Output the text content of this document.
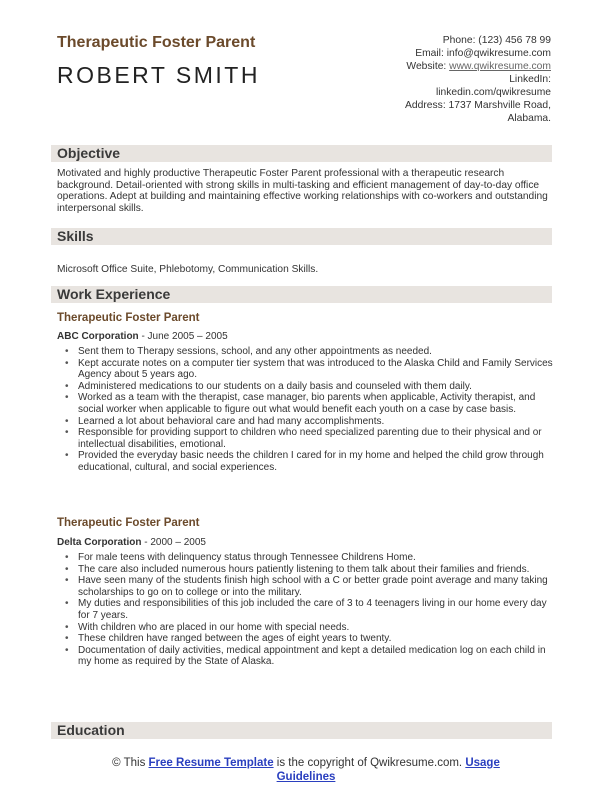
Therapeutic Foster Parent
ROBERT SMITH
Phone: (123) 456 78 99
Email: info@qwikresume.com
Website: www.qwikresume.com
LinkedIn:
linkedin.com/qwikresume
Address: 1737 Marshville Road,
Alabama.
Objective
Motivated and highly productive Therapeutic Foster Parent professional with a therapeutic research background. Detail-oriented with strong skills in multi-tasking and efficient management of day-to-day office operations. Adept at building and maintaining effective working relationships with co-workers and outstanding interpersonal skills.
Skills
Microsoft Office Suite, Phlebotomy, Communication Skills.
Work Experience
Therapeutic Foster Parent
ABC Corporation - June 2005 – 2005
• Sent them to Therapy sessions, school, and any other appointments as needed.
• Kept accurate notes on a computer tier system that was introduced to the Alaska Child and Family Services Agency about 5 years ago.
• Administered medications to our students on a daily basis and counseled with them daily.
• Worked as a team with the therapist, case manager, bio parents when applicable, Activity therapist, and social worker when applicable to figure out what would benefit each youth on a case by case basis.
• Learned a lot about behavioral care and had many accomplishments.
• Responsible for providing support to children who need specialized parenting due to their physical and or intellectual disabilities, emotional.
• Provided the everyday basic needs the children I cared for in my home and helped the child grow through educational, cultural, and social experiences.
Therapeutic Foster Parent
Delta Corporation - 2000 – 2005
• For male teens with delinquency status through Tennessee Childrens Home.
• The care also included numerous hours patiently listening to them talk about their families and friends.
• Have seen many of the students finish high school with a C or better grade point average and many taking scholarships to go on to college or into the military.
• My duties and responsibilities of this job included the care of 3 to 4 teenagers living in our home every day for 7 years.
• With children who are placed in our home with special needs.
• These children have ranged between the ages of eight years to twenty.
• Documentation of daily activities, medical appointment and kept a detailed medication log on each child in my home as required by the State of Alaska.
Education
© This Free Resume Template is the copyright of Qwikresume.com. Usage
Guidelines
